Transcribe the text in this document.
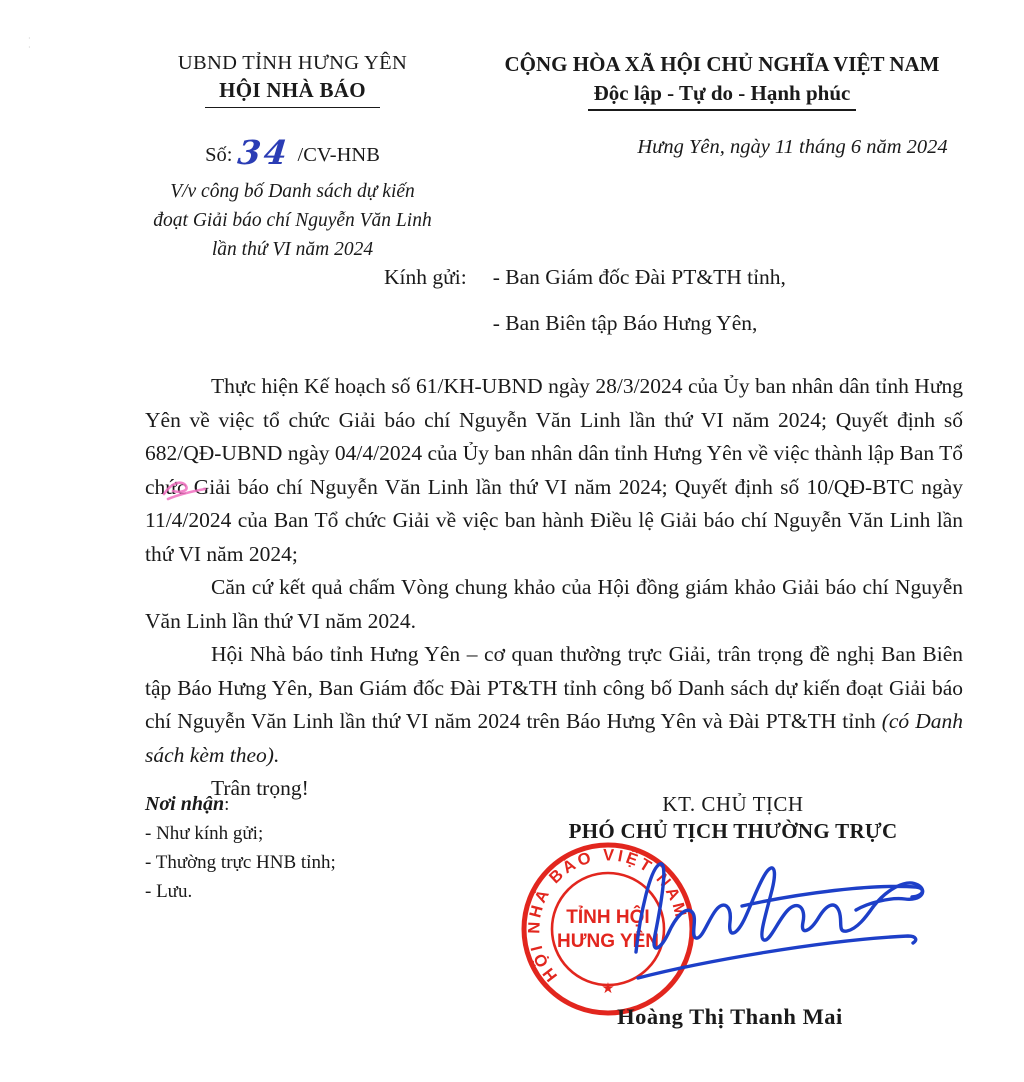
· ·
UBND TỈNH HƯNG YÊN
HỘI NHÀ BÁO
Số: 34 /CV-HNB
V/v công bố Danh sách dự kiến
đoạt Giải báo chí Nguyễn Văn Linh
lần thứ VI năm 2024
CỘNG HÒA XÃ HỘI CHỦ NGHĨA VIỆT NAM
Độc lập - Tự do - Hạnh phúc
Hưng Yên, ngày 11 tháng 6 năm 2024
Kính gửi: - Ban Giám đốc Đài PT&TH tỉnh,
- Ban Biên tập Báo Hưng Yên,

Thực hiện Kế hoạch số 61/KH-UBND ngày 28/3/2024 của Ủy ban nhân dân tỉnh Hưng Yên về việc tổ chức Giải báo chí Nguyễn Văn Linh lần thứ VI năm 2024; Quyết định số 682/QĐ-UBND ngày 04/4/2024 của Ủy ban nhân dân tỉnh Hưng Yên về việc thành lập Ban Tổ chức Giải báo chí Nguyễn Văn Linh lần thứ VI năm 2024; Quyết định số 10/QĐ-BTC ngày 11/4/2024 của Ban Tổ chức Giải về việc ban hành Điều lệ Giải báo chí Nguyễn Văn Linh lần thứ VI năm 2024;

Căn cứ kết quả chấm Vòng chung khảo của Hội đồng giám khảo Giải báo chí Nguyễn Văn Linh lần thứ VI năm 2024.

Hội Nhà báo tỉnh Hưng Yên – cơ quan thường trực Giải, trân trọng đề nghị Ban Biên tập Báo Hưng Yên, Ban Giám đốc Đài PT&TH tỉnh công bố Danh sách dự kiến đoạt Giải báo chí Nguyễn Văn Linh lần thứ VI năm 2024 trên Báo Hưng Yên và Đài PT&TH tỉnh (có Danh sách kèm theo).

Trân trọng!

Nơi nhận:
- Như kính gửi;
- Thường trực HNB tỉnh;
- Lưu.
KT. CHỦ TỊCH
PHÓ CHỦ TỊCH THƯỜNG TRỰC
HỘI NHÀ BÁO VIỆT NAM
TỈNH HỘI
HƯNG YÊN
★
Hoàng Thị Thanh Mai
